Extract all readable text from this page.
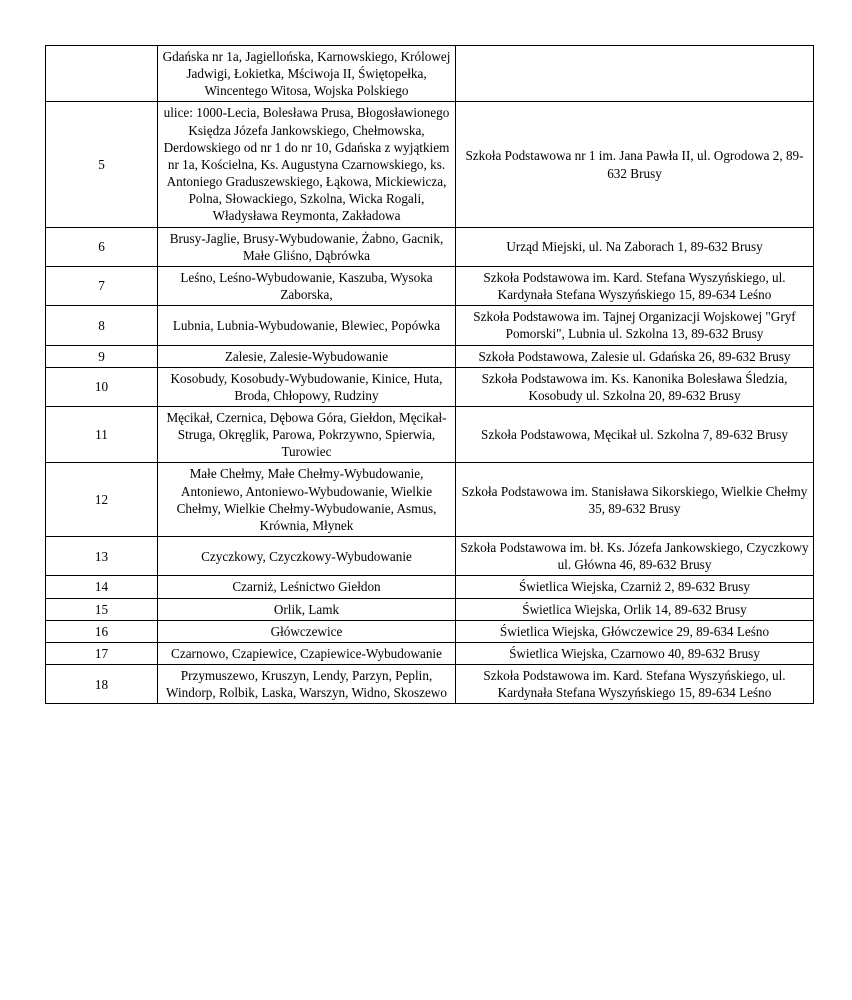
	Gdańska nr 1a, Jagiellońska, Karnowskiego, Królowej Jadwigi, Łokietka, Mściwoja II, Świętopełka, Wincentego Witosa, Wojska Polskiego	
5	ulice: 1000-Lecia, Bolesława Prusa, Błogosławionego Księdza Józefa Jankowskiego, Chełmowska, Derdowskiego od nr 1 do nr 10, Gdańska z wyjątkiem nr 1a, Kościelna, Ks. Augustyna Czarnowskiego, ks. Antoniego Graduszewskiego, Łąkowa, Mickiewicza, Polna, Słowackiego, Szkolna, Wicka Rogali, Władysława Reymonta, Zakładowa	Szkoła Podstawowa nr 1 im. Jana Pawła II, ul. Ogrodowa 2, 89-632 Brusy
6	Brusy-Jaglie, Brusy-Wybudowanie, Żabno, Gacnik, Małe Gliśno, Dąbrówka	Urząd Miejski, ul. Na Zaborach 1, 89-632 Brusy
7	Leśno, Leśno-Wybudowanie, Kaszuba, Wysoka Zaborska,	Szkoła Podstawowa im. Kard. Stefana Wyszyńskiego, ul. Kardynała Stefana Wyszyńskiego 15, 89-634 Leśno
8	Lubnia, Lubnia-Wybudowanie, Blewiec, Popówka	Szkoła Podstawowa im. Tajnej Organizacji Wojskowej "Gryf Pomorski", Lubnia ul. Szkolna 13, 89-632 Brusy
9	Zalesie, Zalesie-Wybudowanie	Szkoła Podstawowa, Zalesie ul. Gdańska 26, 89-632 Brusy
10	Kosobudy, Kosobudy-Wybudowanie, Kinice, Huta, Broda, Chłopowy, Rudziny	Szkoła Podstawowa im. Ks. Kanonika Bolesława Śledzia, Kosobudy ul. Szkolna 20, 89-632 Brusy
11	Męcikał, Czernica, Dębowa Góra, Giełdon, Męcikał-Struga, Okręglik, Parowa, Pokrzywno, Spierwia, Turowiec	Szkoła Podstawowa, Męcikał ul. Szkolna 7, 89-632 Brusy
12	Małe Chełmy, Małe Chełmy-Wybudowanie, Antoniewo, Antoniewo-Wybudowanie, Wielkie Chełmy, Wielkie Chełmy-Wybudowanie, Asmus, Krównia, Młynek	Szkoła Podstawowa im. Stanisława Sikorskiego, Wielkie Chełmy 35, 89-632 Brusy
13	Czyczkowy, Czyczkowy-Wybudowanie	Szkoła Podstawowa im. bł. Ks. Józefa Jankowskiego, Czyczkowy ul. Główna 46, 89-632 Brusy
14	Czarniż, Leśnictwo Giełdon	Świetlica Wiejska, Czarniż 2, 89-632 Brusy
15	Orlik, Lamk	Świetlica Wiejska, Orlik 14, 89-632 Brusy
16	Główczewice	Świetlica Wiejska, Główczewice 29, 89-634 Leśno
17	Czarnowo, Czapiewice, Czapiewice-Wybudowanie	Świetlica Wiejska, Czarnowo 40, 89-632 Brusy
18	Przymuszewo, Kruszyn, Lendy, Parzyn, Peplin, Windorp, Rolbik, Laska, Warszyn, Widno, Skoszewo	Szkoła Podstawowa im. Kard. Stefana Wyszyńskiego, ul. Kardynała Stefana Wyszyńskiego 15, 89-634 Leśno
